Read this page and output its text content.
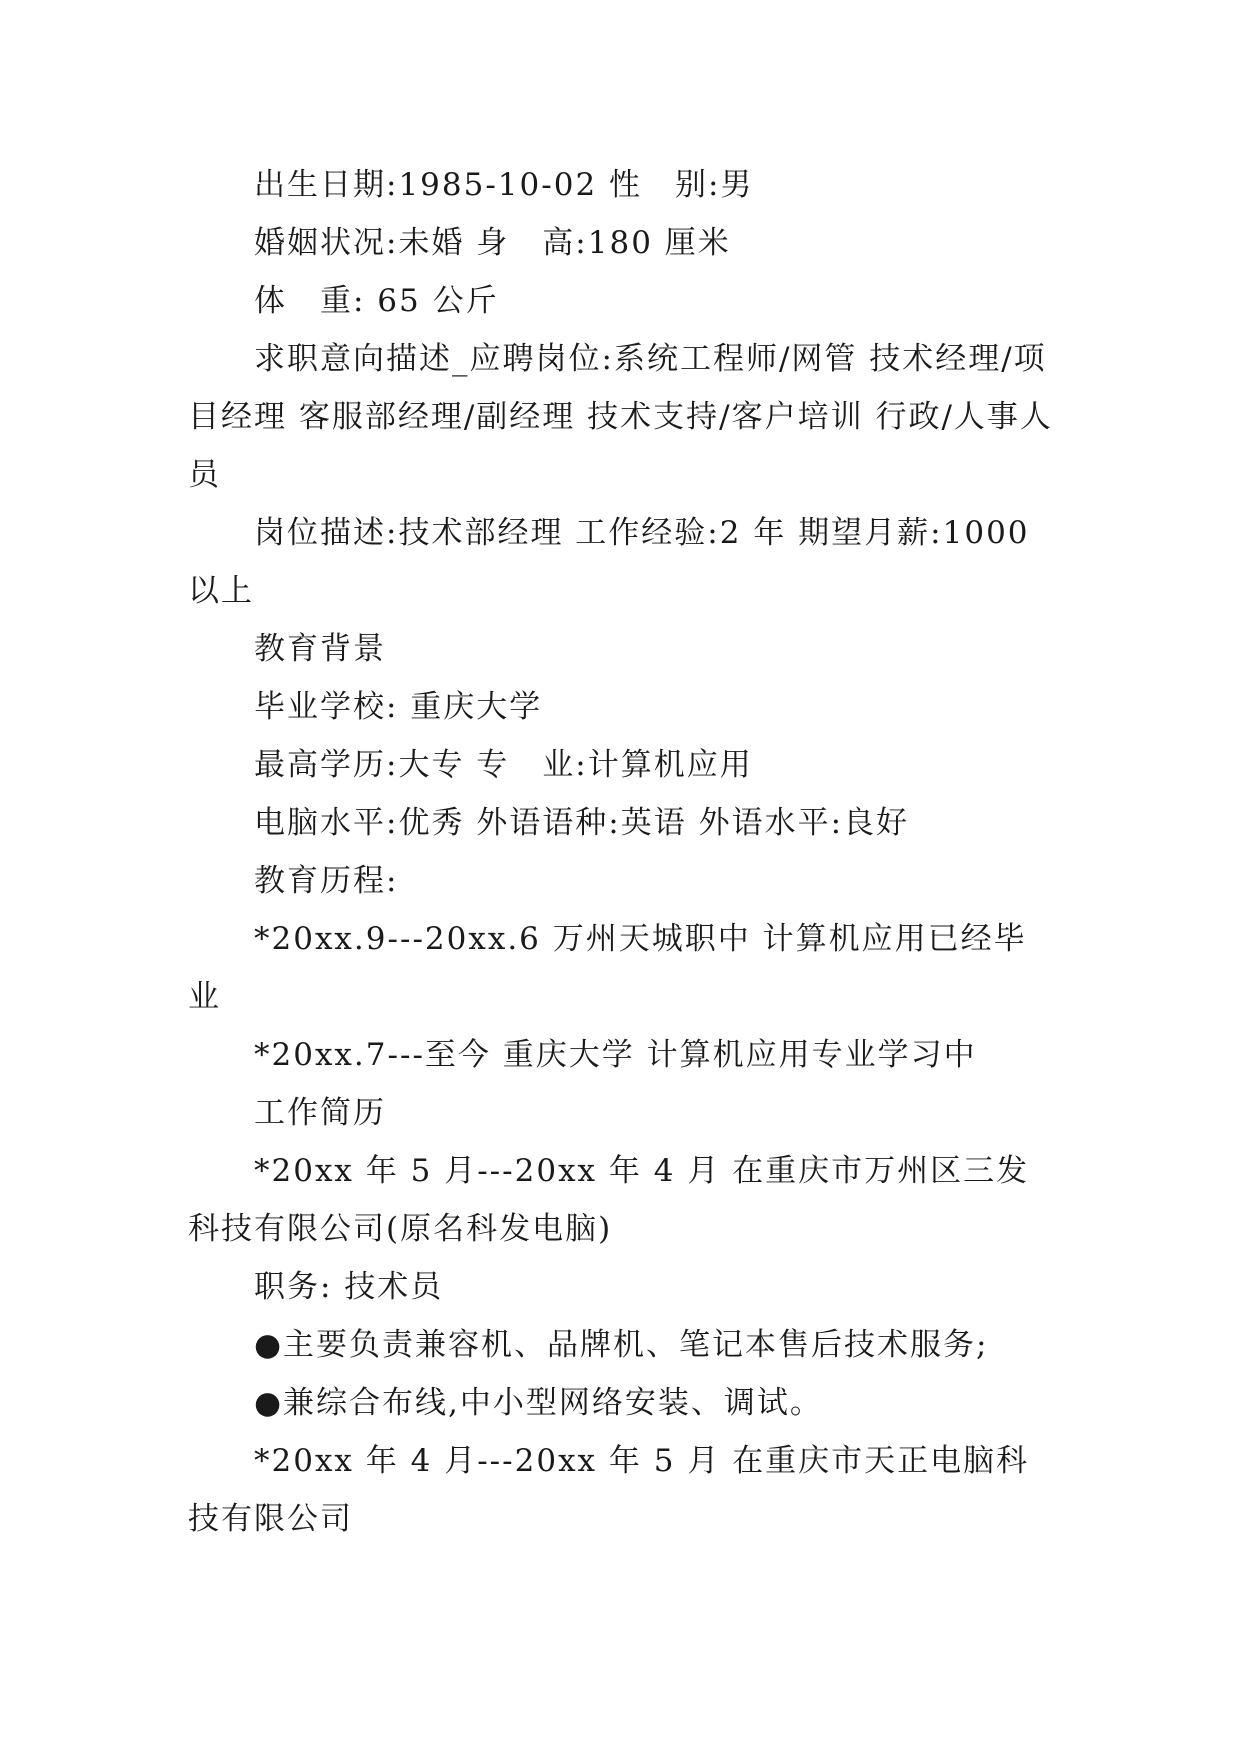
出生日期:1985-10-02 性　别:男

婚姻状况:未婚 身　高:180 厘米

体　重: 65 公斤

求职意向描述_应聘岗位:系统工程师/网管 技术经理/项目经理 客服部经理/副经理 技术支持/客户培训 行政/人事人员

岗位描述:技术部经理 工作经验:2 年 期望月薪:1000 以上

教育背景

毕业学校: 重庆大学

最高学历:大专 专　业:计算机应用

电脑水平:优秀 外语语种:英语 外语水平:良好

教育历程:

*20xx.9---20xx.6 万州天城职中 计算机应用已经毕业

*20xx.7---至今 重庆大学 计算机应用专业学习中

工作简历

*20xx 年 5 月---20xx 年 4 月 在重庆市万州区三发科技有限公司(原名科发电脑)

职务: 技术员

●主要负责兼容机、品牌机、笔记本售后技术服务;

●兼综合布线,中小型网络安装、调试。

*20xx 年 4 月---20xx 年 5 月 在重庆市天正电脑科技有限公司
